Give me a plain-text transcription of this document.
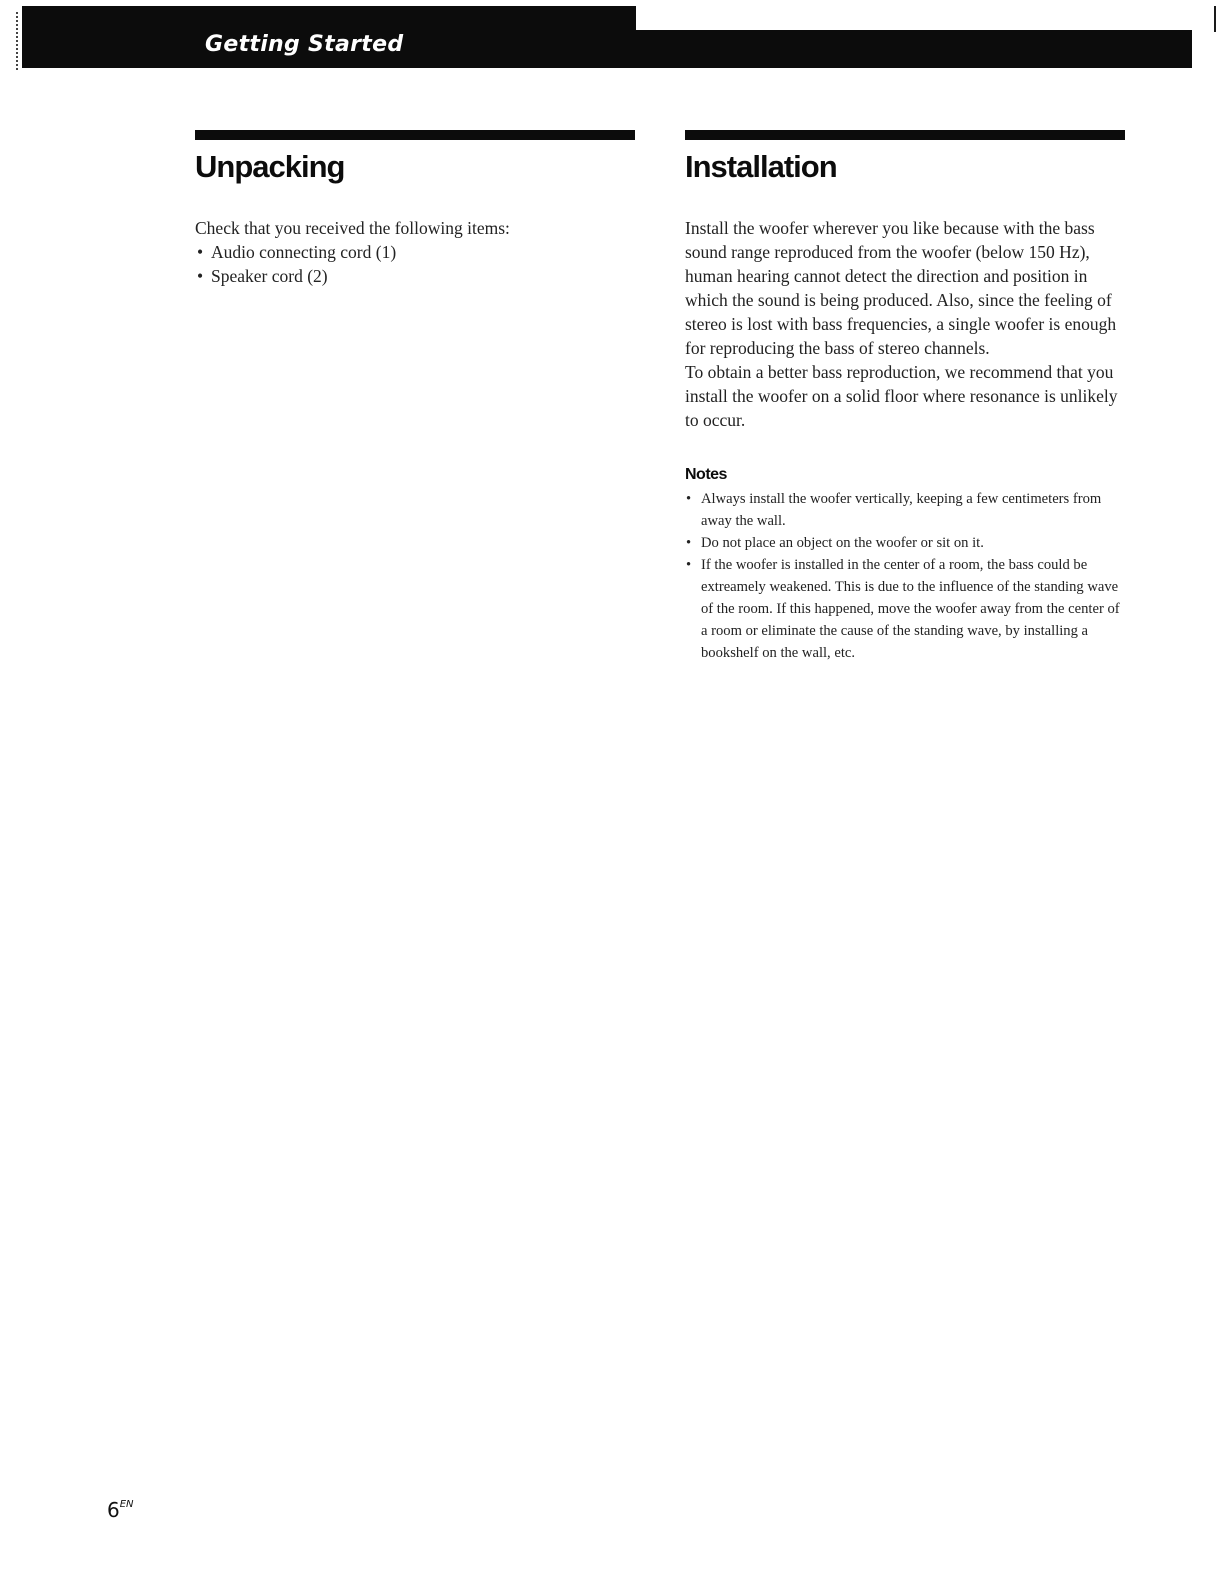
Getting Started
Unpacking

Check that you received the following items:

• Audio connecting cord (1)
• Speaker cord (2)
Installation

Install the woofer wherever you like because with the bass sound range reproduced from the woofer (below 150 Hz), human hearing cannot detect the direction and position in which the sound is being produced. Also, since the feeling of stereo is lost with bass frequencies, a single woofer is enough for reproducing the bass of stereo channels.

To obtain a better bass reproduction, we recommend that you install the woofer on a solid floor where resonance is unlikely to occur.

Notes
• Always install the woofer vertically, keeping a few centimeters from away the wall.
• Do not place an object on the woofer or sit on it.
• If the woofer is installed in the center of a room, the bass could be extreamely weakened. This is due to the influence of the standing wave of the room. If this happened, move the woofer away from the center of a room or eliminate the cause of the standing wave, by installing a bookshelf on the wall, etc.
$6^{EN}$
